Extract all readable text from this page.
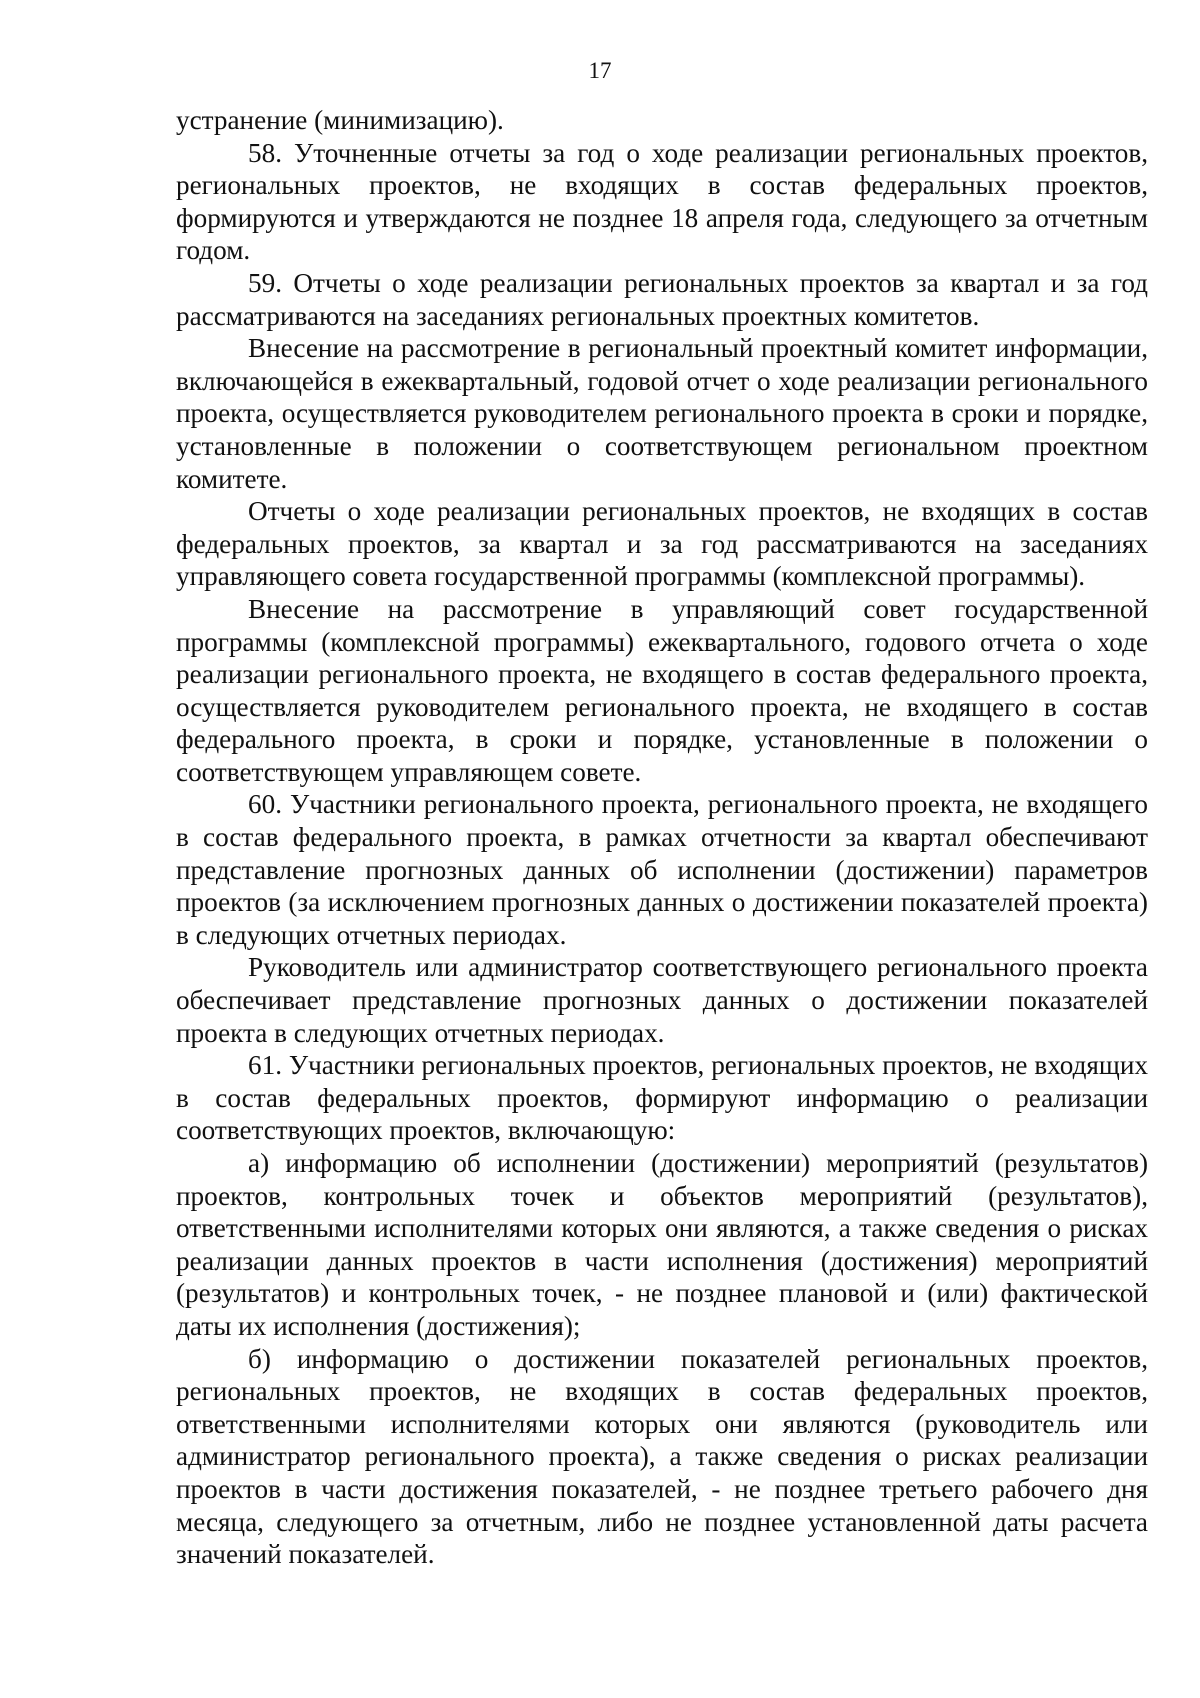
17

устранение (минимизацию).

58. Уточненные отчеты за год о ходе реализации региональных проектов, региональных проектов, не входящих в состав федеральных проектов, формируются и утверждаются не позднее 18 апреля года, следующего за отчетным годом.

59. Отчеты о ходе реализации региональных проектов за квартал и за год рассматриваются на заседаниях региональных проектных комитетов.

Внесение на рассмотрение в региональный проектный комитет информации, включающейся в ежеквартальный, годовой отчет о ходе реализации регионального проекта, осуществляется руководителем регионального проекта в сроки и порядке, установленные в положении о соответствующем региональном проектном комитете.

Отчеты о ходе реализации региональных проектов, не входящих в состав федеральных проектов, за квартал и за год рассматриваются на заседаниях управляющего совета государственной программы (комплексной программы).

Внесение на рассмотрение в управляющий совет государственной программы (комплексной программы) ежеквартального, годового отчета о ходе реализации регионального проекта, не входящего в состав федерального проекта, осуществляется руководителем регионального проекта, не входящего в состав федерального проекта, в сроки и порядке, установленные в положении о соответствующем управляющем совете.

60. Участники регионального проекта, регионального проекта, не входящего в состав федерального проекта, в рамках отчетности за квартал обеспечивают представление прогнозных данных об исполнении (достижении) параметров проектов (за исключением прогнозных данных о достижении показателей проекта) в следующих отчетных периодах.

Руководитель или администратор соответствующего регионального проекта обеспечивает представление прогнозных данных о достижении показателей проекта в следующих отчетных периодах.

61. Участники региональных проектов, региональных проектов, не входящих в состав федеральных проектов, формируют информацию о реализации соответствующих проектов, включающую:

а) информацию об исполнении (достижении) мероприятий (результатов) проектов, контрольных точек и объектов мероприятий (результатов), ответственными исполнителями которых они являются, а также сведения о рисках реализации данных проектов в части исполнения (достижения) мероприятий (результатов) и контрольных точек, - не позднее плановой и (или) фактической даты их исполнения (достижения);

б) информацию о достижении показателей региональных проектов, региональных проектов, не входящих в состав федеральных проектов, ответственными исполнителями которых они являются (руководитель или администратор регионального проекта), а также сведения о рисках реализации проектов в части достижения показателей, - не позднее третьего рабочего дня месяца, следующего за отчетным, либо не позднее установленной даты расчета значений показателей.
